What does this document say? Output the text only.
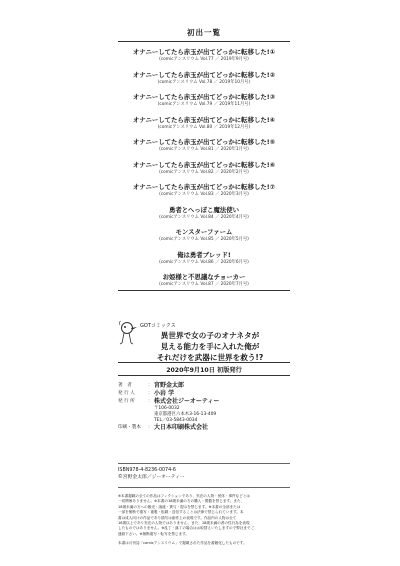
初出一覧
オナニーしてたら赤玉が出てどっかに転移した!①
(comicアンスリウム Vol.77 ／ 2019年9月号)
オナニーしてたら赤玉が出てどっかに転移した!②
(comicアンスリウム Vol.78 ／ 2019年10月号)
オナニーしてたら赤玉が出てどっかに転移した!③
(comicアンスリウム Vol.79 ／ 2019年11月号)
オナニーしてたら赤玉が出てどっかに転移した!④
(comicアンスリウム Vol.80 ／ 2019年12月号)
オナニーしてたら赤玉が出てどっかに転移した!⑤
(comicアンスリウム Vol.81 ／ 2020年1月号)
オナニーしてたら赤玉が出てどっかに転移した!⑥
(comicアンスリウム Vol.82 ／ 2020年2月号)
オナニーしてたら赤玉が出てどっかに転移した!⑦
(comicアンスリウム Vol.83 ／ 2020年3月号)
勇者とへっぽこ魔法使い
(comicアンスリウム Vol.84 ／ 2020年4月号)
モンスターファーム
(comicアンスリウム Vol.85 ／ 2020年5月号)
俺は勇者ブレッド!
(comicアンスリウム Vol.86 ／ 2020年6月号)
お姫様と不思議なチョーカー
(comicアンスリウム Vol.87 ／ 2020年7月号)
GOTコミックス
異世界で女の子のオナネタが
見える能力を手に入れた俺が
それだけを武器に世界を救う!?
2020年9月10日 初版発行
著　者	： 宮野金太郎
発 行 人	： 小岩 学
発 行 所	： 株式会社ジーオーティー
〒106-0032
東京都港区六本木3-16-13-409
TEL／03-5843-0034
印刷・製本	： 大日本印刷株式会社
ISBN978-4-8236-0074-6
©宮野金太郎／ジーオーティー
※本書掲載の全ての作品はフィクションであり、実在の人物・団体・事件などとは
一切関係ありません。※本書の18歳未満の方の購入・閲覧を禁じます。また、
18歳未満の方への販売・譲渡・貸与・提示を禁じます。※本書の全部または
一部を無断で複写・複製・転載・送信することは法律で禁じられています。本
書は成人向けの作品であり描写は創作上の表現です。作品内の人物は全て
18歳以上であり実在の人物ではありません。また、18歳未満の者の性行為を表現
したものではありません。※乱丁・落丁の場合はお取替えいたしますので弊社までご
連絡下さい。※無断複写・転写を禁じます。
本書は月刊誌「comicアンスリウム」で掲載された作品を書籍化したものです。
